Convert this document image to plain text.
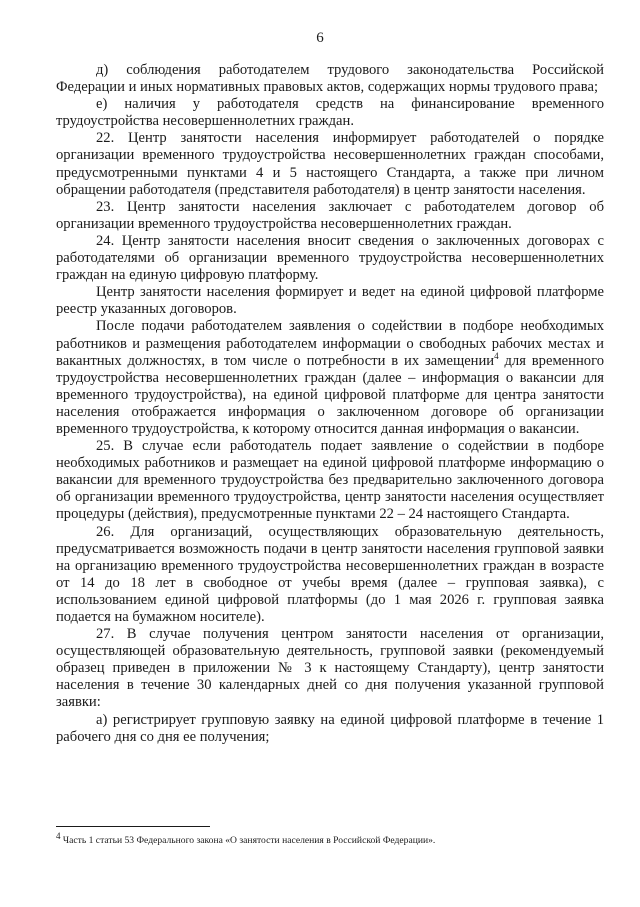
6

д) соблюдения работодателем трудового законодательства Российской Федерации и иных нормативных правовых актов, содержащих нормы трудового права;

е) наличия у работодателя средств на финансирование временного трудоустройства несовершеннолетних граждан.

22. Центр занятости населения информирует работодателей о порядке организации временного трудоустройства несовершеннолетних граждан способами, предусмотренными пунктами 4 и 5 настоящего Стандарта, а также при личном обращении работодателя (представителя работодателя) в центр занятости населения.

23. Центр занятости населения заключает с работодателем договор об организации временного трудоустройства несовершеннолетних граждан.

24. Центр занятости населения вносит сведения о заключенных договорах с работодателями об организации временного трудоустройства несовершеннолетних граждан на единую цифровую платформу.

Центр занятости населения формирует и ведет на единой цифровой платформе реестр указанных договоров.

После подачи работодателем заявления о содействии в подборе необходимых работников и размещения работодателем информации о свободных рабочих местах и вакантных должностях, в том числе о потребности в их замещении$^4$ для временного трудоустройства несовершеннолетних граждан (далее – информация о вакансии для временного трудоустройства), на единой цифровой платформе для центра занятости населения отображается информация о заключенном договоре об организации временного трудоустройства, к которому относится данная информация о вакансии.

25. В случае если работодатель подает заявление о содействии в подборе необходимых работников и размещает на единой цифровой платформе информацию о вакансии для временного трудоустройства без предварительно заключенного договора об организации временного трудоустройства, центр занятости населения осуществляет процедуры (действия), предусмотренные пунктами 22 – 24 настоящего Стандарта.

26. Для организаций, осуществляющих образовательную деятельность, предусматривается возможность подачи в центр занятости населения групповой заявки на организацию временного трудоустройства несовершеннолетних граждан в возрасте от 14 до 18 лет в свободное от учебы время (далее – групповая заявка), с использованием единой цифровой платформы (до 1 мая 2026 г. групповая заявка подается на бумажном носителе).

27. В случае получения центром занятости населения от организации, осуществляющей образовательную деятельность, групповой заявки (рекомендуемый образец приведен в приложении № 3 к настоящему Стандарту), центр занятости населения в течение 30 календарных дней со дня получения указанной групповой заявки:

а) регистрирует групповую заявку на единой цифровой платформе в течение 1 рабочего дня со дня ее получения;

$^4$ Часть 1 статьи 53 Федерального закона «О занятости населения в Российской Федерации».
